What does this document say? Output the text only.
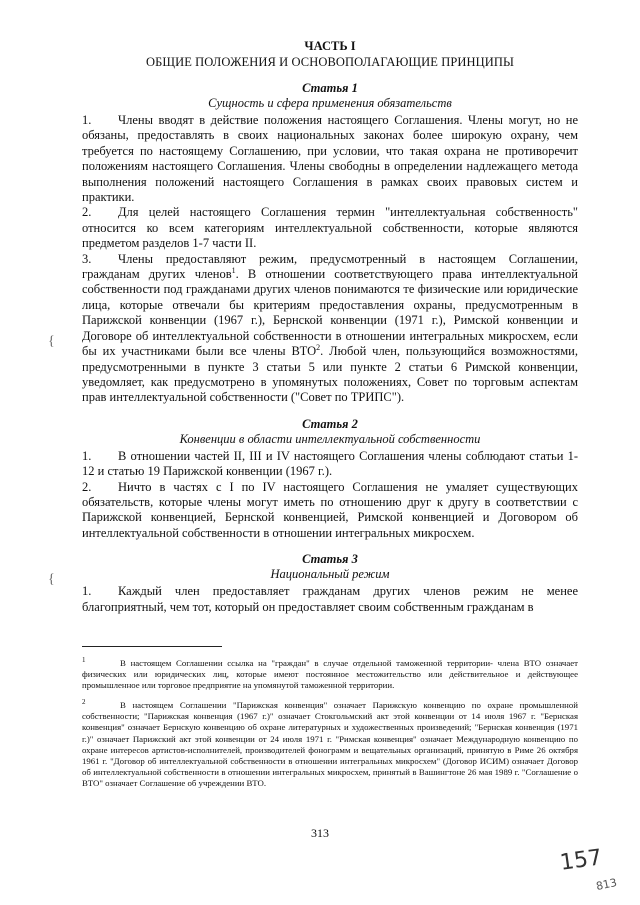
ЧАСТЬ I

ОБЩИЕ ПОЛОЖЕНИЯ И ОСНОВОПОЛАГАЮЩИЕ ПРИНЦИПЫ

Статья 1

Сущность и сфера применения обязательств

1. Члены вводят в действие положения настоящего Соглашения. Члены могут, но не обязаны, предоставлять в своих национальных законах более широкую охрану, чем требуется по настоящему Соглашению, при условии, что такая охрана не противоречит положениям настоящего Соглашения. Члены свободны в определении надлежащего метода выполнения положений настоящего Соглашения в рамках своих правовых систем и практики.

2. Для целей настоящего Соглашения термин "интеллектуальная собственность" относится ко всем категориям интеллектуальной собственности, которые являются предметом разделов 1-7 части II.

3. Члены предоставляют режим, предусмотренный в настоящем Соглашении, гражданам других членов$^1$. В отношении соответствующего права интеллектуальной собственности под гражданами других членов понимаются те физические или юридические лица, которые отвечали бы критериям предоставления охраны, предусмотренным в Парижской конвенции (1967 г.), Бернской конвенции (1971 г.), Римской конвенции и Договоре об интеллектуальной собственности в отношении интегральных микросхем, если бы их участниками были все члены ВТО$^2$. Любой член, пользующийся возможностями, предусмотренными в пункте 3 статьи 5 или пункте 2 статьи 6 Римской конвенции, уведомляет, как предусмотрено в упомянутых положениях, Совет по торговым аспектам прав интеллектуальной собственности ("Совет по ТРИПС").

Статья 2

Конвенции в области интеллектуальной собственности

1. В отношении частей II, III и IV настоящего Соглашения члены соблюдают статьи 1- 12 и статью 19 Парижской конвенции (1967 г.).

2. Ничто в частях с I по IV настоящего Соглашения не умаляет существующих обязательств, которые члены могут иметь по отношению друг к другу в соответствии с Парижской конвенцией, Бернской конвенцией, Римской конвенцией и Договором об интеллектуальной собственности в отношении интегральных микросхем.

Статья 3

Национальный режим

1. Каждый член предоставляет гражданам других членов режим не менее благоприятный, чем тот, который он предоставляет своим собственным гражданам в

1	В настоящем Соглашении ссылка на "граждан" в случае отдельной таможенной территории- члена ВТО означает физических или юридических лиц, которые имеют постоянное местожительство или действительное и действующее промышленное или торговое предприятие на упомянутой таможенной территории.
2	В настоящем Соглашении "Парижская конвенция" означает Парижскую конвенцию по охране промышленной собственности; "Парижская конвенция (1967 г.)" означает Стокгольмский акт этой конвенции от 14 июля 1967 г. "Бернская конвенция" означает Бернскую конвенцию об охране литературных и художественных произведений; "Бернская конвенция (1971 г.)" означает Парижский акт этой конвенции от 24 июля 1971 г. "Римская конвенция" означает Международную конвенцию по охране интересов артистов-исполнителей, производителей фонограмм и вещательных организаций, принятую в Риме 26 октября 1961 г. "Договор об интеллектуальной собственности в отношении интегральных микросхем" (Договор ИСИМ) означает Договор об интеллектуальной собственности в отношении интегральных микросхем, принятый в Вашингтоне 26 мая 1989 г. "Соглашение о ВТО" означает Соглашение об учреждении ВТО.
313
{
{
157
813
